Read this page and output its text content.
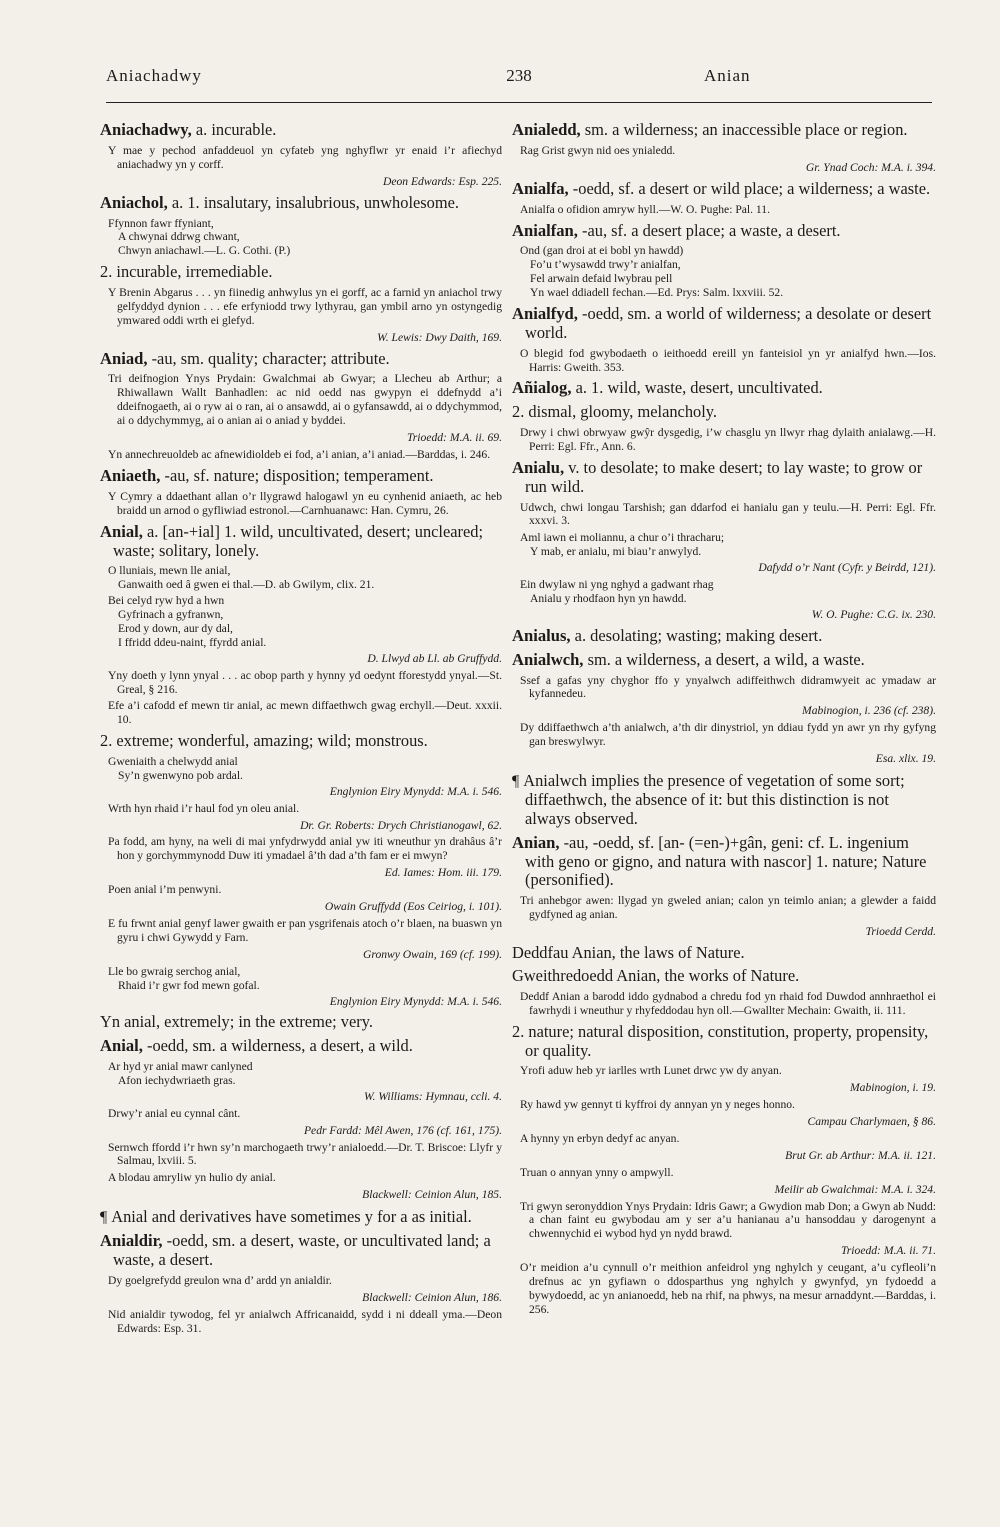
Aniachadwy	238	Anian
Aniachadwy, a. incurable.
Y mae y pechod anfaddeuol yn cyfateb yng nghyflwr yr enaid i’r afiechyd aniachadwy yn y corff.
Deon Edwards: Esp. 225.
Aniachol, a. 1. insalutary, insalubrious, unwholesome.
Ffynnon fawr ffyniant,
A chwynai ddrwg chwant,
Chwyn aniachawl.—L. G. Cothi. (P.)
2. incurable, irremediable.
Y Brenin Abgarus . . . yn fiinedig anhwylus yn ei gorff, ac a farnid yn aniachol trwy gelfyddyd dynion . . . efe erfyniodd trwy lythyrau, gan ymbil arno yn ostyngedig ymwared oddi wrth ei glefyd.
W. Lewis: Dwy Daith, 169.
Aniad, -au, sm. quality; character; attribute.
Tri deifnogion Ynys Prydain: Gwalchmai ab Gwyar; a Llecheu ab Arthur; a Rhiwallawn Wallt Banhadlen: ac nid oedd nas gwypyn ei ddefnydd a’i ddeifnogaeth, ai o ryw ai o ran, ai o ansawdd, ai o gyfansawdd, ai o ddychymmod, ai o ddychymmyg, ai o anian ai o aniad y byddei.
Trioedd: M.A. ii. 69.
Yn annechreuoldeb ac afnewidioldeb ei fod, a’i anian, a’i aniad.—Barddas, i. 246.
Aniaeth, -au, sf. nature; disposition; temperament.
Y Cymry a ddaethant allan o’r llygrawd halogawl yn eu cynhenid aniaeth, ac heb braidd un arnod o gyfliwiad estronol.—Carnhuanawc: Han. Cymru, 26.
Anial, a. [an-+ial] 1. wild, uncultivated, desert; uncleared; waste; solitary, lonely.
O lluniais, mewn lle anial,
Ganwaith oed â gwen ei thal.—D. ab Gwilym, clix. 21.
Bei celyd ryw hyd a hwn
Gyfrinach a gyfranwn,
Erod y down, aur dy dal,
I ffridd ddeu-naint, ffyrdd anial.
D. Llwyd ab Ll. ab Gruffydd.
Yny doeth y lynn ynyal . . . ac obop parth y hynny yd oedynt fforestydd ynyal.—St. Greal, § 216.
Efe a’i cafodd ef mewn tir anial, ac mewn diffaethwch gwag erchyll.—Deut. xxxii. 10.
2. extreme; wonderful, amazing; wild; monstrous.
Gweniaith a chelwydd anial
Sy’n gwenwyno pob ardal.
Englynion Eiry Mynydd: M.A. i. 546.
Wrth hyn rhaid i’r haul fod yn oleu anial.
Dr. Gr. Roberts: Drych Christianogawl, 62.
Pa fodd, am hyny, na weli di mai ynfydrwydd anial yw iti wneuthur yn drahâus â’r hon y gorchymmynodd Duw iti ymadael â’th dad a’th fam er ei mwyn?
Ed. Iames: Hom. iii. 179.
Poen anial i’m penwyni.
Owain Gruffydd (Eos Ceiriog, i. 101).
E fu frwnt anial genyf lawer gwaith er pan ysgrifenais atoch o’r blaen, na buaswn yn gyru i chwi Gywydd y Farn.
Gronwy Owain, 169 (cf. 199).
Lle bo gwraig serchog anial,
Rhaid i’r gwr fod mewn gofal.
Englynion Eiry Mynydd: M.A. i. 546.
Yn anial, extremely; in the extreme; very.
Anial, -oedd, sm. a wilderness, a desert, a wild.
Ar hyd yr anial mawr canlyned
Afon iechydwriaeth gras.
W. Williams: Hymnau, ccli. 4.
Drwy’r anial eu cynnal cânt.
Pedr Fardd: Mêl Awen, 176 (cf. 161, 175).
Sernwch ffordd i’r hwn sy’n marchogaeth trwy’r anialoedd.—Dr. T. Briscoe: Llyfr y Salmau, lxviii. 5.
A blodau amryliw yn hulio dy anial.
Blackwell: Ceinion Alun, 185.
¶ Anial and derivatives have sometimes y for a as initial.
Anialdir, -oedd, sm. a desert, waste, or uncultivated land; a waste, a desert.
Dy goelgrefydd greulon wna d’ ardd yn anialdir.
Blackwell: Ceinion Alun, 186.
Nid anialdir tywodog, fel yr anialwch Affricanaidd, sydd i ni ddeall yma.—Deon Edwards: Esp. 31.
Anialedd, sm. a wilderness; an inaccessible place or region.
Rag Grist gwyn nid oes ynialedd.
Gr. Ynad Coch: M.A. i. 394.
Anialfa, -oedd, sf. a desert or wild place; a wilderness; a waste.
Anialfa o ofidion amryw hyll.—W. O. Pughe: Pal. 11.
Anialfan, -au, sf. a desert place; a waste, a desert.
Ond (gan droi at ei bobl yn hawdd)
Fo’u t’wysawdd trwy’r anialfan,
Fel arwain defaid lwybrau pell
Yn wael ddiadell fechan.—Ed. Prys: Salm. lxxviii. 52.
Anialfyd, -oedd, sm. a world of wilderness; a desolate or desert world.
O blegid fod gwybodaeth o ieithoedd ereill yn fanteisiol yn yr anialfyd hwn.—Ios. Harris: Gweith. 353.
Añialog, a. 1. wild, waste, desert, uncultivated.
2. dismal, gloomy, melancholy.
Drwy i chwi obrwyaw gwŷr dysgedig, i’w chasglu yn llwyr rhag dylaith anialawg.—H. Perri: Egl. Ffr., Ann. 6.
Anialu, v. to desolate; to make desert; to lay waste; to grow or run wild.
Udwch, chwi longau Tarshish; gan ddarfod ei hanialu gan y teulu.—H. Perri: Egl. Ffr. xxxvi. 3.
Aml iawn ei moliannu, a chur o’i thracharu;
Y mab, er anialu, mi biau’r anwylyd.
Dafydd o’r Nant (Cyfr. y Beirdd, 121).
Ein dwylaw ni yng nghyd a gadwant rhag
Anialu y rhodfaon hyn yn hawdd.
W. O. Pughe: C.G. ix. 230.
Anialus, a. desolating; wasting; making desert.
Anialwch, sm. a wilderness, a desert, a wild, a waste.
Ssef a gafas yny chyghor ffo y ynyalwch adiffeithwch didramwyeit ac ymadaw ar kyfannedeu.
Mabinogion, i. 236 (cf. 238).
Dy ddiffaethwch a’th anialwch, a’th dir dinystriol, yn ddiau fydd yn awr yn rhy gyfyng gan breswylwyr.
Esa. xlix. 19.
¶ Anialwch implies the presence of vegetation of some sort; diffaethwch, the absence of it: but this distinction is not always observed.
Anian, -au, -oedd, sf. [an- (=en-)+gân, geni: cf. L. ingenium with geno or gigno, and natura with nascor] 1. nature; Nature (personified).
Tri anhebgor awen: llygad yn gweled anian; calon yn teimlo anian; a glewder a faidd gydfyned ag anian.
Trioedd Cerdd.
Deddfau Anian, the laws of Nature.
Gweithredoedd Anian, the works of Nature.
Deddf Anian a barodd iddo gydnabod a chredu fod yn rhaid fod Duwdod annhraethol ei fawrhydi i wneuthur y rhyfeddodau hyn oll.—Gwallter Mechain: Gwaith, ii. 111.
2. nature; natural disposition, constitution, property, propensity, or quality.
Yrofi aduw heb yr iarlles wrth Lunet drwc yw dy anyan.
Mabinogion, i. 19.
Ry hawd yw gennyt ti kyffroi dy annyan yn y neges honno.
Campau Charlymaen, § 86.
A hynny yn erbyn dedyf ac anyan.
Brut Gr. ab Arthur: M.A. ii. 121.
Truan o annyan ynny o ampwyll.
Meilir ab Gwalchmai: M.A. i. 324.
Tri gwyn seronyddion Ynys Prydain: Idris Gawr; a Gwydion mab Don; a Gwyn ab Nudd: a chan faint eu gwybodau am y ser a’u hanianau a’u hansoddau y darogenynt a chwennychid ei wybod hyd yn nydd brawd.
Trioedd: M.A. ii. 71.
O’r meidion a’u cynnull o’r meithion anfeidrol yng nghylch y ceugant, a’u cyfleoli’n drefnus ac yn gyfiawn o ddosparthus yng nghylch y gwynfyd, yn fydoedd a bywydoedd, ac yn anianoedd, heb na rhif, na phwys, na mesur arnaddynt.—Barddas, i. 256.
